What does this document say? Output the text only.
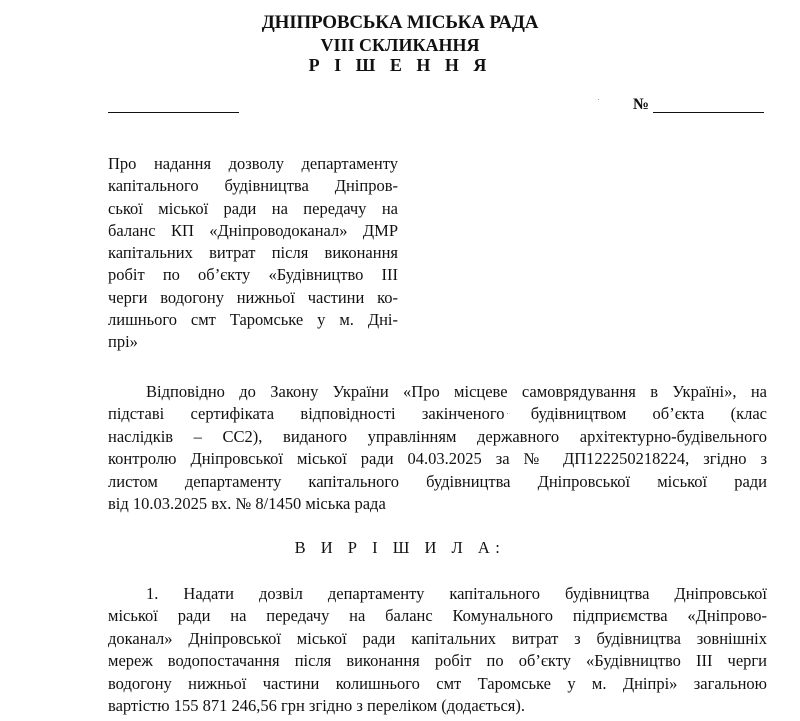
ДНІПРОВСЬКА МІСЬКА РАДА
VIII СКЛИКАННЯ
Р І Ш Е Н Н Я
№
Про надання дозволу департаменту
капітального будівництва Дніпров-
ської міської ради на передачу на
баланс КП «Дніпроводоканал» ДМР
капітальних витрат після виконання
робіт по об’єкту «Будівництво ІІІ
черги водогону нижньої частини ко-
лишнього смт Таромське у м. Дні-
прі»
Відповідно до Закону України «Про місцеве самоврядування в Україні», на
підставі сертифіката відповідності закінченого будівництвом об’єкта (клас
наслідків – СС2), виданого управлінням державного архітектурно-будівельного
контролю Дніпровської міської ради 04.03.2025 за № ДП122250218224, згідно з
листом департаменту капітального будівництва Дніпровської міської ради
від 10.03.2025 вх. № 8/1450 міська рада
В И Р І Ш И Л А:
1. Надати дозвіл департаменту капітального будівництва Дніпровської
міської ради на передачу на баланс Комунального підприємства «Дніпрово-
доканал» Дніпровської міської ради капітальних витрат з будівництва зовнішніх
мереж водопостачання після виконання робіт по об’єкту «Будівництво ІІІ черги
водогону нижньої частини колишнього смт Таромське у м. Дніпрі» загальною
вартістю 155 871 246,56 грн згідно з переліком (додається).
